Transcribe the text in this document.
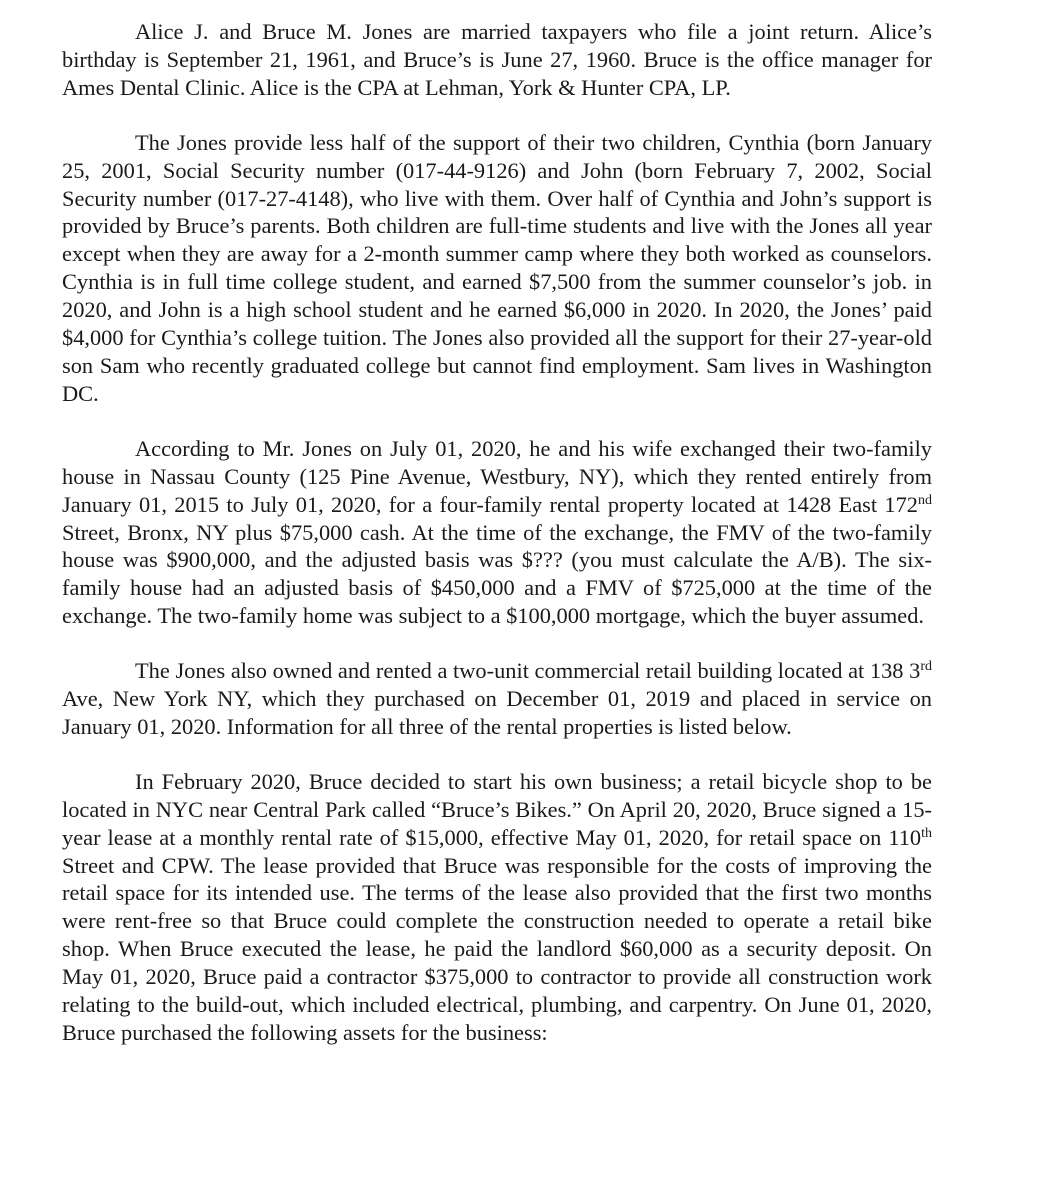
Alice J. and Bruce M. Jones are married taxpayers who file a joint return. Alice’s birthday is September 21, 1961, and Bruce’s is June 27, 1960. Bruce is the office manager for Ames Dental Clinic. Alice is the CPA at Lehman, York & Hunter CPA, LP.

The Jones provide less half of the support of their two children, Cynthia (born January 25, 2001, Social Security number (017-44-9126) and John (born February 7, 2002, Social Security number (017-27-4148), who live with them. Over half of Cynthia and John’s support is provided by Bruce’s parents. Both children are full-time students and live with the Jones all year except when they are away for a 2-month summer camp where they both worked as counselors. Cynthia is in full time college student, and earned $7,500 from the summer counselor’s job. in 2020, and John is a high school student and he earned $6,000 in 2020. In 2020, the Jones’ paid $4,000 for Cynthia’s college tuition. The Jones also provided all the support for their 27-year-old son Sam who recently graduated college but cannot find employment. Sam lives in Washington DC.

According to Mr. Jones on July 01, 2020, he and his wife exchanged their two-family house in Nassau County (125 Pine Avenue, Westbury, NY), which they rented entirely from January 01, 2015 to July 01, 2020, for a four-family rental property located at 1428 East 172nd Street, Bronx, NY plus $75,000 cash. At the time of the exchange, the FMV of the two-family house was $900,000, and the adjusted basis was $??? (you must calculate the A/B). The six-family house had an adjusted basis of $450,000 and a FMV of $725,000 at the time of the exchange. The two-family home was subject to a $100,000 mortgage, which the buyer assumed.

The Jones also owned and rented a two-unit commercial retail building located at 138 3rd Ave, New York NY, which they purchased on December 01, 2019 and placed in service on January 01, 2020. Information for all three of the rental properties is listed below.

In February 2020, Bruce decided to start his own business; a retail bicycle shop to be located in NYC near Central Park called “Bruce’s Bikes.” On April 20, 2020, Bruce signed a 15-year lease at a monthly rental rate of $15,000, effective May 01, 2020, for retail space on 110th Street and CPW. The lease provided that Bruce was responsible for the costs of improving the retail space for its intended use. The terms of the lease also provided that the first two months were rent-free so that Bruce could complete the construction needed to operate a retail bike shop. When Bruce executed the lease, he paid the landlord $60,000 as a security deposit. On May 01, 2020, Bruce paid a contractor $375,000 to contractor to provide all construction work relating to the build-out, which included electrical, plumbing, and carpentry. On June 01, 2020, Bruce purchased the following assets for the business:
